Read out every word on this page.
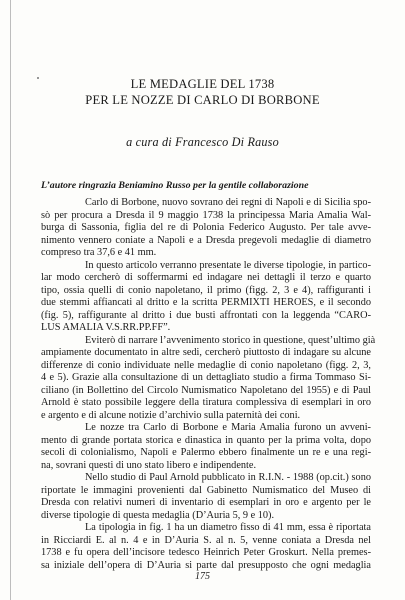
LE MEDAGLIE DEL 1738
PER LE NOZZE DI CARLO DI BORBONE
a cura di Francesco Di Rauso
L’autore ringrazia Beniamino Russo per la gentile collaborazione

Carlo di Borbone, nuovo sovrano dei regni di Napoli e di Sicilia spo-
sò per procura a Dresda il 9 maggio 1738 la principessa Maria Amalia Wal-
burga di Sassonia, figlia del re di Polonia Federico Augusto. Per tale avve-
nimento vennero coniate a Napoli e a Dresda pregevoli medaglie di diametro
compreso tra 37,6 e 41 mm.

In questo articolo verranno presentate le diverse tipologie, in partico-
lar modo cercherò di soffermarmi ed indagare nei dettagli il terzo e quarto
tipo, ossia quelli di conio napoletano, il primo (figg. 2, 3 e 4), raffiguranti i
due stemmi affiancati al dritto e la scritta PERMIXTI HEROES, e il secondo
(fig. 5), raffigurante al dritto i due busti affrontati con la leggenda “CARO-
LUS AMALIA V.S.RR.PP.FF”.

Eviterò di narrare l’avvenimento storico in questione, quest’ultimo già
ampiamente documentato in altre sedi, cercherò piuttosto di indagare su alcune
differenze di conio individuate nelle medaglie di conio napoletano (figg. 2, 3,
4 e 5). Grazie alla consultazione di un dettagliato studio a firma Tommaso Si-
ciliano (in Bollettino del Circolo Numismatico Napoletano del 1955) e di Paul
Arnold è stato possibile leggere della tiratura complessiva di esemplari in oro
e argento e di alcune notizie d’archivio sulla paternità dei coni.

Le nozze tra Carlo di Borbone e Maria Amalia furono un avveni-
mento di grande portata storica e dinastica in quanto per la prima volta, dopo
secoli di colonialismo, Napoli e Palermo ebbero finalmente un re e una regi-
na, sovrani questi di uno stato libero e indipendente.

Nello studio di Paul Arnold pubblicato in R.I.N. - 1988 (op.cit.) sono
riportate le immagini provenienti dal Gabinetto Numismatico del Museo di
Dresda con relativi numeri di inventario di esemplari in oro e argento per le
diverse tipologie di questa medaglia (D’Auria 5, 9 e 10).

La tipologia in fig. 1 ha un diametro fisso di 41 mm, essa è riportata
in Ricciardi E. al n. 4 e in D’Auria S. al n. 5, venne coniata a Dresda nel
1738 e fu opera dell’incisore tedesco Heinrich Peter Groskurt. Nella premes-
sa iniziale dell’opera di D’Auria si parte dal presupposto che ogni medaglia

175
